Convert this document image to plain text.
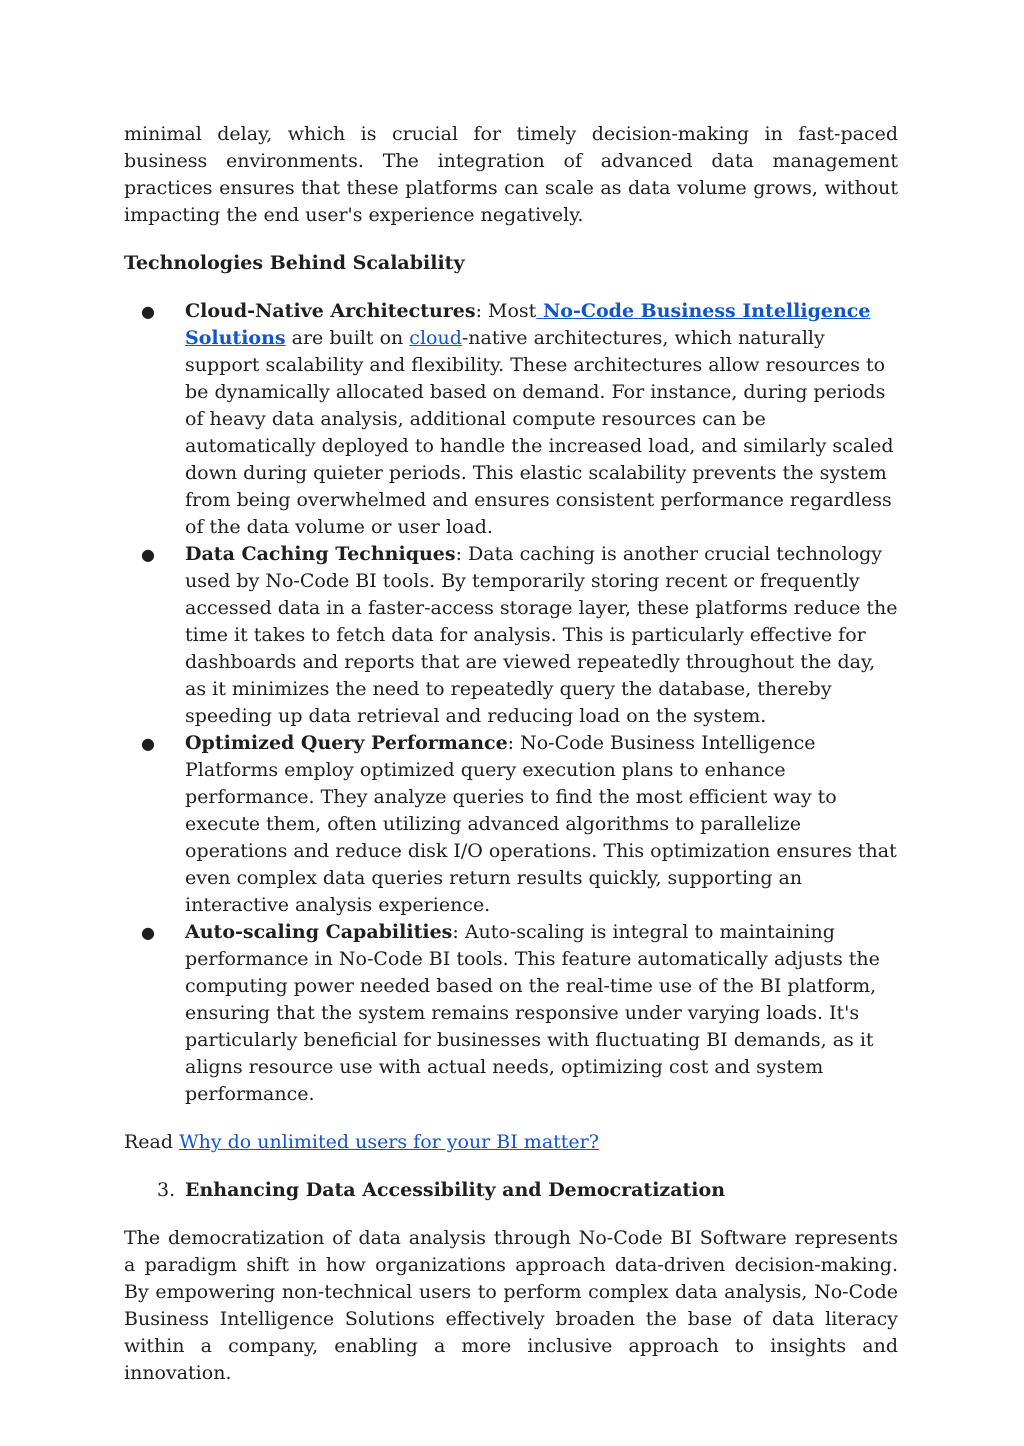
minimal delay, which is crucial for timely decision-making in fast-paced business environments. The integration of advanced data management practices ensures that these platforms can scale as data volume grows, without impacting the end user's experience negatively.

Technologies Behind Scalability

● Cloud-Native Architectures: Most No-Code Business Intelligence Solutions are built on cloud-native architectures, which naturally support scalability and flexibility. These architectures allow resources to be dynamically allocated based on demand. For instance, during periods of heavy data analysis, additional compute resources can be automatically deployed to handle the increased load, and similarly scaled down during quieter periods. This elastic scalability prevents the system from being overwhelmed and ensures consistent performance regardless of the data volume or user load.
● Data Caching Techniques: Data caching is another crucial technology used by No-Code BI tools. By temporarily storing recent or frequently accessed data in a faster-access storage layer, these platforms reduce the time it takes to fetch data for analysis. This is particularly effective for dashboards and reports that are viewed repeatedly throughout the day, as it minimizes the need to repeatedly query the database, thereby speeding up data retrieval and reducing load on the system.
● Optimized Query Performance: No-Code Business Intelligence Platforms employ optimized query execution plans to enhance performance. They analyze queries to find the most efficient way to execute them, often utilizing advanced algorithms to parallelize operations and reduce disk I/O operations. This optimization ensures that even complex data queries return results quickly, supporting an interactive analysis experience.
● Auto-scaling Capabilities: Auto-scaling is integral to maintaining performance in No-Code BI tools. This feature automatically adjusts the computing power needed based on the real-time use of the BI platform, ensuring that the system remains responsive under varying loads. It's particularly beneficial for businesses with fluctuating BI demands, as it aligns resource use with actual needs, optimizing cost and system performance.

Read Why do unlimited users for your BI matter?

3. Enhancing Data Accessibility and Democratization

The democratization of data analysis through No-Code BI Software represents a paradigm shift in how organizations approach data-driven decision-making. By empowering non-technical users to perform complex data analysis, No-Code Business Intelligence Solutions effectively broaden the base of data literacy within a company, enabling a more inclusive approach to insights and innovation.
